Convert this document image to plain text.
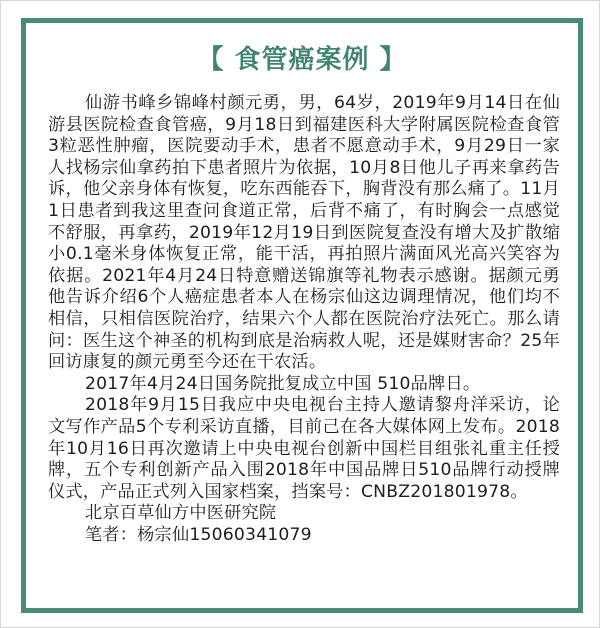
【 食管癌案例 】

仙游书峰乡锦峰村颜元勇，男，64岁，2019年9月14日在仙游县医院检查食管癌，9月18日到福建医科大学附属医院检查食管3粒恶性肿瘤，医院要动手术，患者不愿意动手术，9月29日一家人找杨宗仙拿药拍下患者照片为依据，10月8日他儿子再来拿药告诉，他父亲身体有恢复，吃东西能吞下，胸背没有那么痛了。11月1日患者到我这里查问食道正常，后背不痛了，有时胸会一点感觉不舒服，再拿药，2019年12月19日到医院复查没有增大及扩散缩小0.1毫米身体恢复正常，能干活，再拍照片满面风光高兴笑容为依据。2021年4月24日特意赠送锦旗等礼物表示感谢。据颜元勇他告诉介绍6个人癌症患者本人在杨宗仙这边调理情况，他们均不相信，只相信医院治疗，结果六个人都在医院治疗法死亡。那么请问：医生这个神圣的机构到底是治病救人呢，还是媒财害命？25年回访康复的颜元勇至今还在干农活。

2017年4月24日国务院批复成立中国 510品牌日。

2018年9月15日我应中央电视台主持人邀请黎舟洋采访，论文写作产品5个专利采访直播，目前己在各大媒体网上发布。2018年10月16日再次邀请上中央电视台创新中国栏目组张礼重主任授牌，五个专利创新产品入围2018年中国品牌日510品牌行动授牌仪式，产品正式列入国家档案，挡案号：CNBZ201801978。

北京百草仙方中医研究院

笔者：杨宗仙15060341079
